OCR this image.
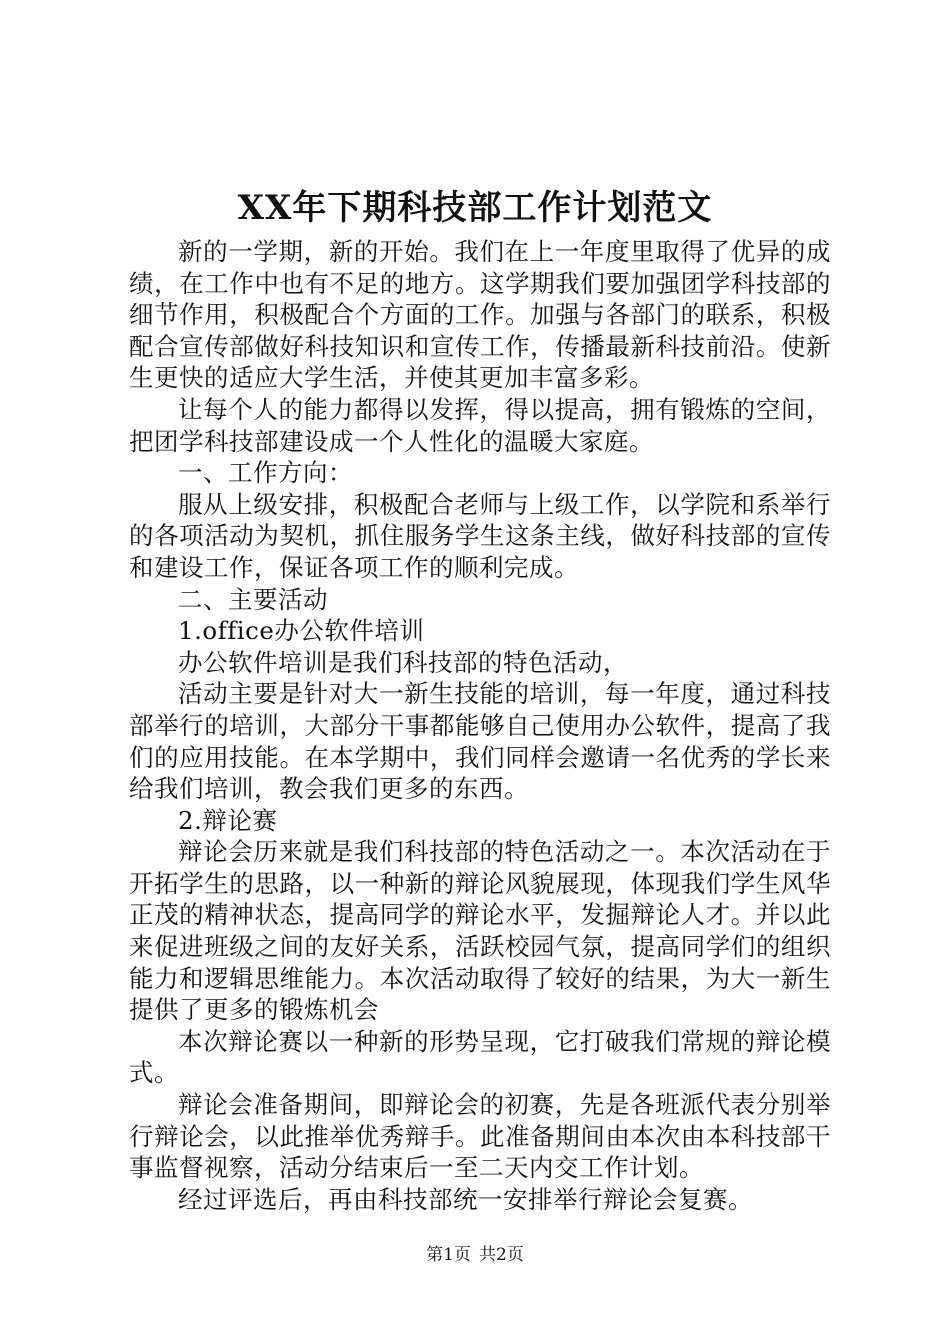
XX年下期科技部工作计划范文

新的一学期，新的开始。我们在上一年度里取得了优异的成绩，在工作中也有不足的地方。这学期我们要加强团学科技部的细节作用，积极配合个方面的工作。加强与各部门的联系，积极配合宣传部做好科技知识和宣传工作，传播最新科技前沿。使新生更快的适应大学生活，并使其更加丰富多彩。

让每个人的能力都得以发挥，得以提高，拥有锻炼的空间，把团学科技部建设成一个人性化的温暖大家庭。

一、工作方向：

服从上级安排，积极配合老师与上级工作，以学院和系举行的各项活动为契机，抓住服务学生这条主线，做好科技部的宣传和建设工作，保证各项工作的顺利完成。

二、主要活动

1.office办公软件培训

办公软件培训是我们科技部的特色活动，

活动主要是针对大一新生技能的培训，每一年度，通过科技部举行的培训，大部分干事都能够自己使用办公软件，提高了我们的应用技能。在本学期中，我们同样会邀请一名优秀的学长来给我们培训，教会我们更多的东西。

2.辩论赛

辩论会历来就是我们科技部的特色活动之一。本次活动在于开拓学生的思路，以一种新的辩论风貌展现，体现我们学生风华正茂的精神状态，提高同学的辩论水平，发掘辩论人才。并以此来促进班级之间的友好关系，活跃校园气氛，提高同学们的组织能力和逻辑思维能力。本次活动取得了较好的结果，为大一新生提供了更多的锻炼机会

本次辩论赛以一种新的形势呈现，它打破我们常规的辩论模式。

辩论会准备期间，即辩论会的初赛，先是各班派代表分别举行辩论会，以此推举优秀辩手。此准备期间由本次由本科技部干事监督视察，活动分结束后一至二天内交工作计划。

经过评选后，再由科技部统一安排举行辩论会复赛。

第1页 共2页
